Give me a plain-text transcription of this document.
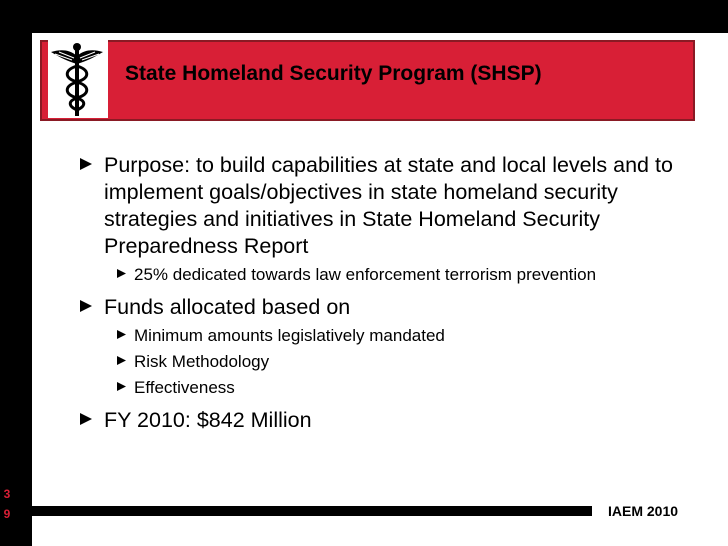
State Homeland Security Program (SHSP)
Purpose: to build capabilities at state and local levels and to implement goals/objectives in state homeland security strategies and initiatives in State Homeland Security Preparedness Report
25% dedicated towards law enforcement terrorism prevention
Funds allocated based on
Minimum amounts legislatively mandated
Risk Methodology
Effectiveness
FY 2010: $842 Million
3
9	IAEM 2010
